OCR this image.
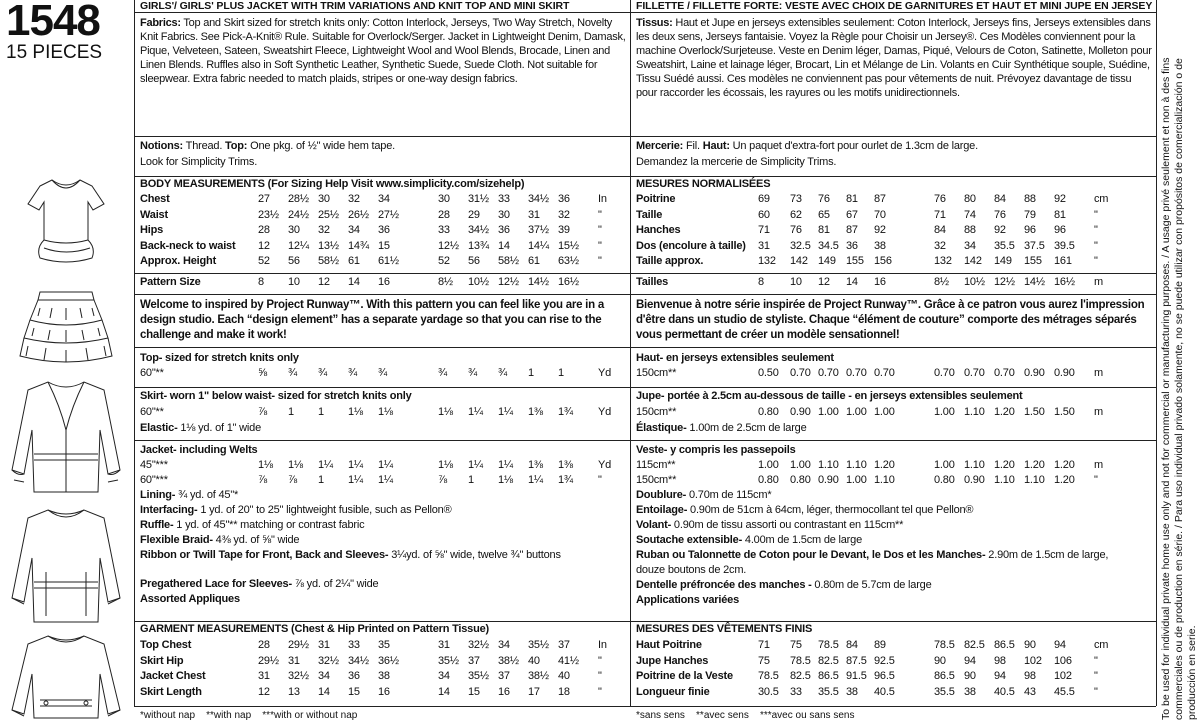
1548
15 PIECES
GIRLS'/ GIRLS' PLUS JACKET WITH TRIM VARIATIONS AND KNIT TOP AND MINI SKIRT
Fabrics: Top and Skirt sized for stretch knits only: Cotton Interlock, Jerseys, Two Way Stretch, Novelty Knit Fabrics. See Pick-A-Knit® Rule. Suitable for Overlock/Serger. Jacket in Lightweight Denim, Damask, Pique, Velveteen, Sateen, Sweatshirt Fleece, Lightweight Wool and Wool Blends, Brocade, Linen and Linen Blends. Ruffles also in Soft Synthetic Leather, Synthetic Suede, Suede Cloth. Not suitable for sleepwear. Extra fabric needed to match plaids, stripes or one-way design fabrics.
Notions: Thread. Top: One pkg. of ½" wide hem tape.
Look for Simplicity Trims.
BODY MEASUREMENTS (For Sizing Help Visit www.simplicity.com/sizehelp)
Chest	27 28½ 30 32 34	30 31½ 33 34½ 36	In
Waist	23½ 24½ 25½ 26½ 27½	28 29 30 31 32	"
Hips	28 30 32 34 36	33 34½ 36 37½ 39	"
Back-neck to waist 12 12¼ 13½ 14¾ 15	12½ 13¾ 14 14¼ 15½ "
Approx. Height	52 56 58½ 61 61½	52 56 58½ 61 63½ "
Pattern Size	8 10 12 14 16	8½ 10½ 12½ 14½ 16½
Welcome to inspired by Project Runway™. With this pattern you can feel like you are in a design studio. Each “design element” has a separate yardage so that you can rise to the challenge and make it work!
Top- sized for stretch knits only
60"**	⅝ ¾ ¾ ¾ ¾	¾ ¾ ¾ 1 1	Yd
Skirt- worn 1" below waist- sized for stretch knits only
60"**	⅞ 1 1 1⅛ 1⅛	1⅛ 1¼ 1¼ 1⅜ 1¾ Yd
Elastic- 1⅛ yd. of 1" wide
Jacket- including Welts
45"***	1⅛ 1⅛ 1¼ 1¼ 1¼	1⅛ 1¼ 1¼ 1⅜ 1⅜ Yd
60"***	⅞ ⅞ 1 1¼ 1¼	⅞ 1 1⅛ 1¼ 1¾ "
Lining- ¾ yd. of 45"*
Interfacing- 1 yd. of 20" to 25" lightweight fusible, such as Pellon®
Ruffle- 1 yd. of 45"** matching or contrast fabric
Flexible Braid- 4⅜ yd. of ⅝" wide
Ribbon or Twill Tape for Front, Back and Sleeves- 3¼yd. of ⅝" wide, twelve ¾" buttons
Pregathered Lace for Sleeves- ⅞ yd. of 2¼" wide
Assorted Appliques
GARMENT MEASUREMENTS (Chest & Hip Printed on Pattern Tissue)
Top Chest	28 29½ 31 33 35	31 32½ 34 35½ 37	In
Skirt Hip	29½ 31 32½ 34½ 36½	35½ 37 38½ 40 41½ "
Jacket Chest	31 32½ 34 36 38	34 35½ 37 38½ 40	"
Skirt Length	12 13 14 15 16	14 15 16 17 18	"
*without nap    **with nap    ***with or without nap
FILLETTE / FILLETTE FORTE: VESTE AVEC CHOIX DE GARNITURES ET HAUT ET MINI JUPE EN JERSEY
Tissus: Haut et Jupe en jerseys extensibles seulement: Coton Interlock, Jerseys fins, Jerseys extensibles dans les deux sens, Jerseys fantaisie. Voyez la Règle pour Choisir un Jersey®. Ces Modèles conviennent pour la machine Overlock/Surjeteuse. Veste en Denim léger, Damas, Piqué, Velours de Coton, Satinette, Molleton pour Sweatshirt, Laine et lainage léger, Brocart, Lin et Mélange de Lin. Volants en Cuir Synthétique souple, Suédine, Tissu Suédé aussi. Ces modèles ne conviennent pas pour vêtements de nuit. Prévoyez davantage de tissu pour raccorder les écossais, les rayures ou les motifs unidirectionnels.
Mercerie: Fil. Haut: Un paquet d'extra-fort pour ourlet de 1.3cm de large.
Demandez la mercerie de Simplicity Trims.
MESURES NORMALISÉES
Poitrine	69 73 76 81 87	76 80 84 88 92	cm
Taille	60 62 65 67 70	71 74 76 79 81	"
Hanches	71 76 81 87 92	84 88 92 96 96	"
Dos (encolure à taille) 31 32.5 34.5 36 38	32 34 35.5 37.5 39.5 "
Taille approx.	132 142 149 155 156	132 142 149 155 161 "
Tailles	8 10 12 14 16	8½ 10½ 12½ 14½ 16½ m
Bienvenue à notre série inspirée de Project Runway™. Grâce à ce patron vous aurez l'impression d'être dans un studio de styliste. Chaque “élément de couture” comporte des métrages séparés vous permettant de créer un modèle sensationnel!
Haut- en jerseys extensibles seulement
150cm**	0.50 0.70 0.70 0.70 0.70	0.70 0.70 0.70 0.90 0.90 m
Jupe- portée à 2.5cm au-dessous de taille - en jerseys extensibles seulement
150cm**	0.80 0.90 1.00 1.00 1.00	1.00 1.10 1.20 1.50 1.50 m
Élastique- 1.00m de 2.5cm de large
Veste- y compris les passepoils
115cm**	1.00 1.00 1.10 1.10 1.20	1.00 1.10 1.20 1.20 1.20 m
150cm**	0.80 0.80 0.90 1.00 1.10	0.80 0.90 1.10 1.10 1.20 "
Doublure- 0.70m de 115cm*
Entoilage- 0.90m de 51cm à 64cm, léger, thermocollant tel que Pellon®
Volant- 0.90m de tissu assorti ou contrastant en 115cm**
Soutache extensible- 4.00m de 1.5cm de large
Ruban ou Talonnette de Coton pour le Devant, le Dos et les Manches- 2.90m de 1.5cm de large,
douze boutons de 2cm.
Dentelle préfroncée des manches - 0.80m de 5.7cm de large
Applications variées
MESURES DES VÊTEMENTS FINIS
Haut Poitrine	71 75 78.5 84 89	78.5 82.5 86.5 90 94	cm
Jupe Hanches	75 78.5 82.5 87.5 92.5	90 94 98 102 106 "
Poitrine de la Veste 78.5 82.5 86.5 91.5 96.5	86.5 90 94 98 102 "
Longueur finie	30.5 33 35.5 38 40.5	35.5 38 40.5 43 45.5 "
*sans sens    **avec sens    ***avec ou sans sens	To be used for individual private home use only and not for commercial or manufacturing purposes. / A usage privé seulement et non à des fins commerciales ou de production en série. / Para uso individual privado solamente, no se puede utilizar con propósitos de comercialización o de producción en serie.
